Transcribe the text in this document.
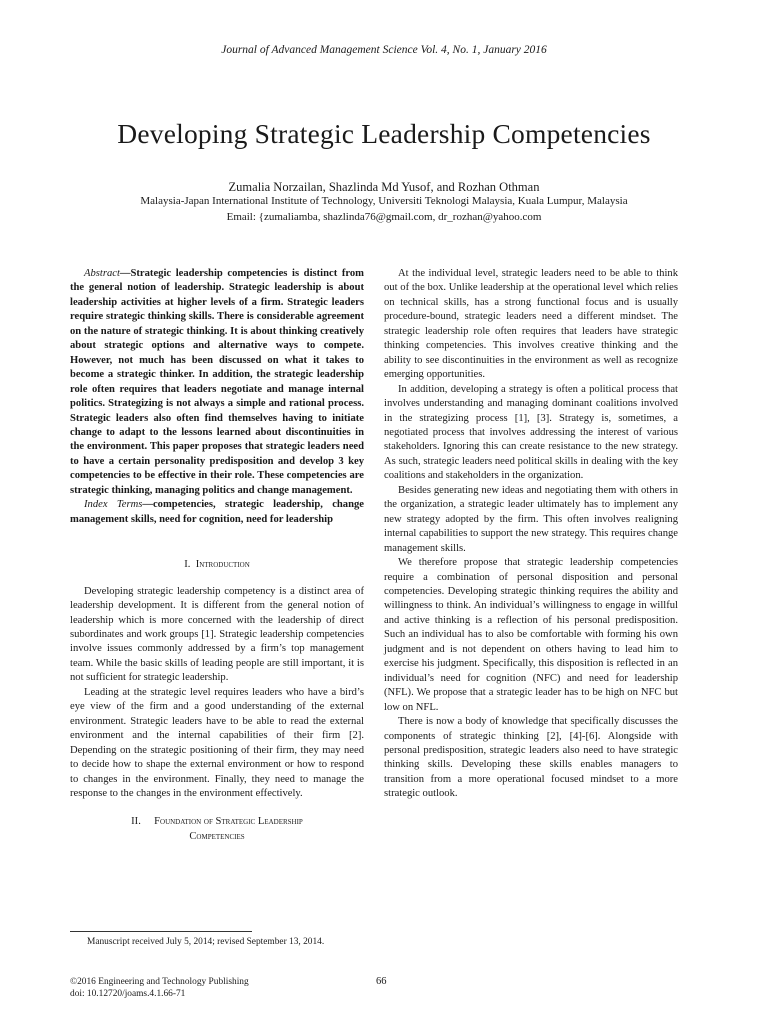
Journal of Advanced Management Science Vol. 4, No. 1, January 2016
Developing Strategic Leadership Competencies
Zumalia Norzailan, Shazlinda Md Yusof, and Rozhan Othman
Malaysia-Japan International Institute of Technology, Universiti Teknologi Malaysia, Kuala Lumpur, Malaysia
Email: {zumaliamba, shazlinda76@gmail.com, dr_rozhan@yahoo.com

Abstract—Strategic leadership competencies is distinct from the general notion of leadership. Strategic leadership is about leadership activities at higher levels of a firm. Strategic leaders require strategic thinking skills. There is considerable agreement on the nature of strategic thinking. It is about thinking creatively about strategic options and alternative ways to compete. However, not much has been discussed on what it takes to become a strategic thinker. In addition, the strategic leadership role often requires that leaders negotiate and manage internal politics. Strategizing is not always a simple and rational process. Strategic leaders also often find themselves having to initiate change to adapt to the lessons learned about discontinuities in the environment. This paper proposes that strategic leaders need to have a certain personality predisposition and develop 3 key competencies to be effective in their role. These competencies are strategic thinking, managing politics and change management.

Index Terms—competencies, strategic leadership, change management skills, need for cognition, need for leadership

I. Introduction

Developing strategic leadership competency is a distinct area of leadership development. It is different from the general notion of leadership which is more concerned with the leadership of direct subordinates and work groups [1]. Strategic leadership competencies involve issues commonly addressed by a firm’s top management team. While the basic skills of leading people are still important, it is not sufficient for strategic leadership.

Leading at the strategic level requires leaders who have a bird’s eye view of the firm and a good understanding of the external environment. Strategic leaders have to be able to read the external environment and the internal capabilities of their firm [2]. Depending on the strategic positioning of their firm, they may need to decide how to shape the external environment or how to respond to changes in the environment. Finally, they need to manage the response to the changes in the environment effectively.

II. Foundation of Strategic Leadership
Competencies

At the individual level, strategic leaders need to be able to think out of the box. Unlike leadership at the operational level which relies on technical skills, has a strong functional focus and is usually procedure-bound, strategic leaders need a different mindset. The strategic leadership role often requires that leaders have strategic thinking competencies. This involves creative thinking and the ability to see discontinuities in the environment as well as recognize emerging opportunities.

In addition, developing a strategy is often a political process that involves understanding and managing dominant coalitions involved in the strategizing process [1], [3]. Strategy is, sometimes, a negotiated process that involves addressing the interest of various stakeholders. Ignoring this can create resistance to the new strategy. As such, strategic leaders need political skills in dealing with the key coalitions and stakeholders in the organization.

Besides generating new ideas and negotiating them with others in the organization, a strategic leader ultimately has to implement any new strategy adopted by the firm. This often involves realigning internal capabilities to support the new strategy. This requires change management skills.

We therefore propose that strategic leadership competencies require a combination of personal disposition and personal competencies. Developing strategic thinking requires the ability and willingness to think. An individual’s willingness to engage in willful and active thinking is a reflection of his personal predisposition. Such an individual has to also be comfortable with forming his own judgment and is not dependent on others having to lead him to exercise his judgment. Specifically, this disposition is reflected in an individual’s need for cognition (NFC) and need for leadership (NFL). We propose that a strategic leader has to be high on NFC but low on NFL.

There is now a body of knowledge that specifically discusses the components of strategic thinking [2], [4]-[6]. Alongside with personal predisposition, strategic leaders also need to have strategic thinking skills. Developing these skills enables managers to transition from a more operational focused mindset to a more strategic outlook.

Manuscript received July 5, 2014; revised September 13, 2014.
©2016 Engineering and Technology Publishing
doi: 10.12720/joams.4.1.66-71
66
